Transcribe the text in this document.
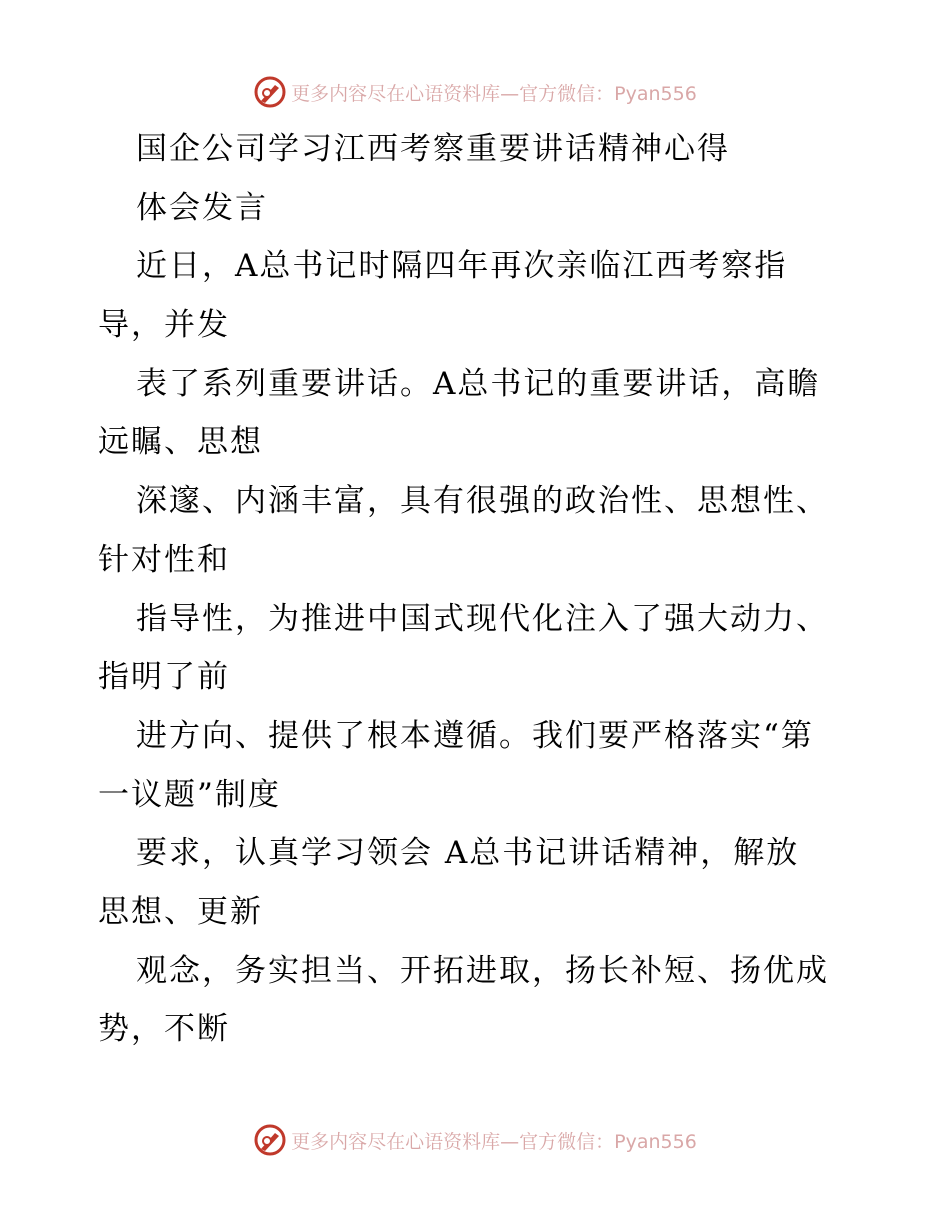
更多内容尽在心语资料库—官方微信：Pyan556
国企公司学习江西考察重要讲话精神心得
体会发言
近日，A总书记时隔四年再次亲临江西考察指
导，并发
表了系列重要讲话。A总书记的重要讲话，高瞻
远瞩、思想
深邃、内涵丰富，具有很强的政治性、思想性、
针对性和
指导性，为推进中国式现代化注入了强大动力、
指明了前
进方向、提供了根本遵循。我们要严格落实“第
一议题”制度
要求，认真学习领会 A总书记讲话精神，解放
思想、更新
观念，务实担当、开拓进取，扬长补短、扬优成
势，不断
更多内容尽在心语资料库—官方微信：Pyan556
